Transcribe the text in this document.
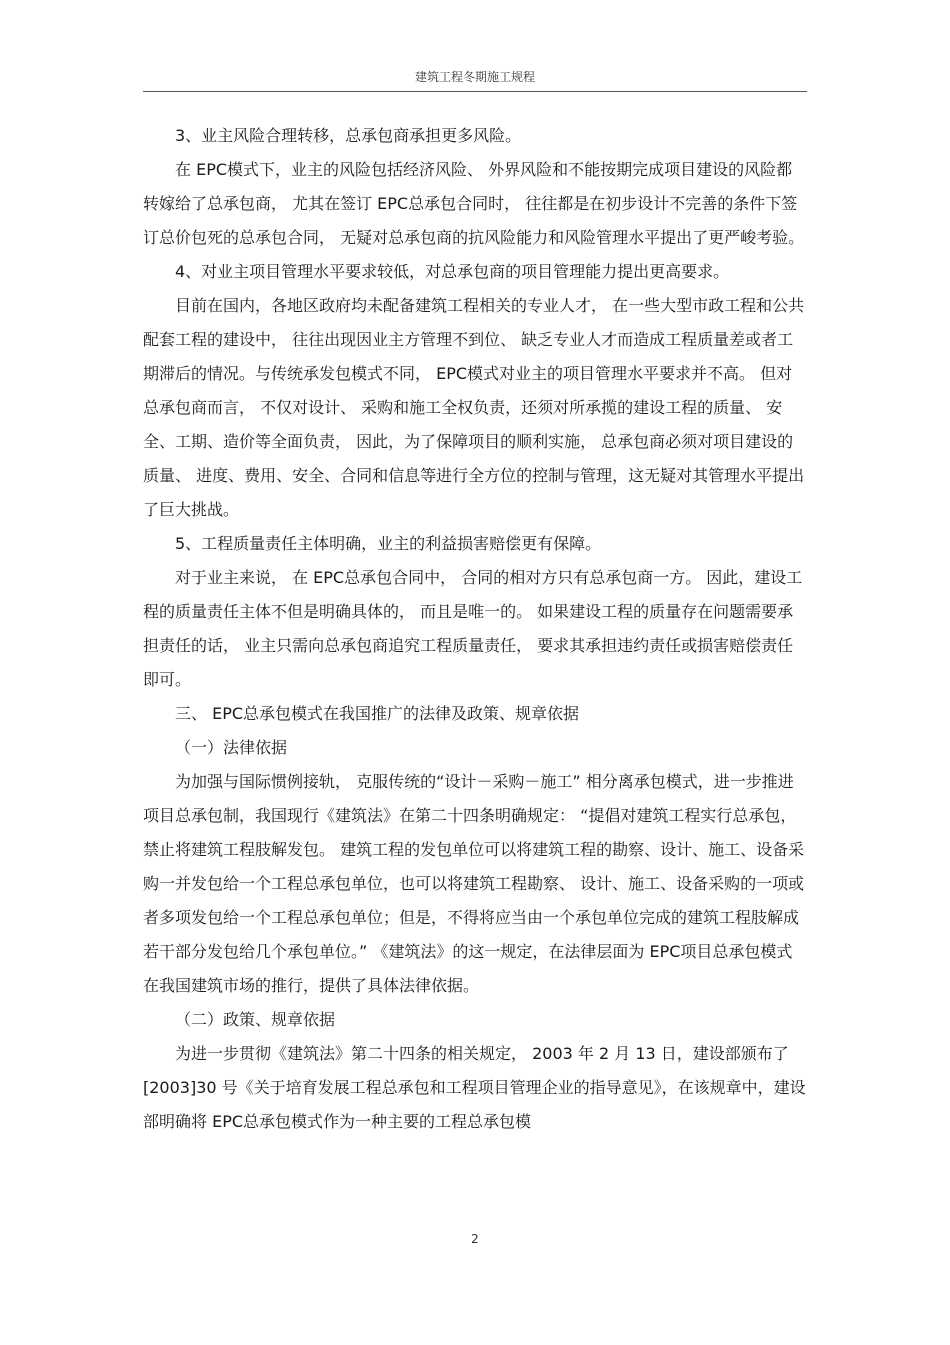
建筑工程冬期施工规程

3、业主风险合理转移，总承包商承担更多风险。

在 EPC模式下，业主的风险包括经济风险、 外界风险和不能按期完成项目建设的风险都转嫁给了总承包商， 尤其在签订 EPC总承包合同时， 往往都是在初步设计不完善的条件下签订总价包死的总承包合同， 无疑对总承包商的抗风险能力和风险管理水平提出了更严峻考验。

4、对业主项目管理水平要求较低，对总承包商的项目管理能力提出更高要求。

目前在国内，各地区政府均未配备建筑工程相关的专业人才， 在一些大型市政工程和公共配套工程的建设中， 往往出现因业主方管理不到位、 缺乏专业人才而造成工程质量差或者工期滞后的情况。与传统承发包模式不同， EPC模式对业主的项目管理水平要求并不高。 但对总承包商而言， 不仅对设计、 采购和施工全权负责，还须对所承揽的建设工程的质量、 安全、工期、造价等全面负责， 因此，为了保障项目的顺利实施， 总承包商必须对项目建设的质量、 进度、费用、安全、合同和信息等进行全方位的控制与管理，这无疑对其管理水平提出了巨大挑战。

5、工程质量责任主体明确，业主的利益损害赔偿更有保障。

对于业主来说， 在 EPC总承包合同中， 合同的相对方只有总承包商一方。 因此，建设工程的质量责任主体不但是明确具体的， 而且是唯一的。 如果建设工程的质量存在问题需要承担责任的话， 业主只需向总承包商追究工程质量责任， 要求其承担违约责任或损害赔偿责任即可。

三、 EPC总承包模式在我国推广的法律及政策、规章依据

（一）法律依据

为加强与国际惯例接轨， 克服传统的“设计－采购－施工” 相分离承包模式，进一步推进项目总承包制，我国现行《建筑法》在第二十四条明确规定： “提倡对建筑工程实行总承包， 禁止将建筑工程肢解发包。 建筑工程的发包单位可以将建筑工程的勘察、设计、施工、设备采购一并发包给一个工程总承包单位，也可以将建筑工程勘察、 设计、施工、设备采购的一项或者多项发包给一个工程总承包单位；但是，不得将应当由一个承包单位完成的建筑工程肢解成若干部分发包给几个承包单位。” 《建筑法》的这一规定，在法律层面为 EPC项目总承包模式在我国建筑市场的推行，提供了具体法律依据。

（二）政策、规章依据

为进一步贯彻《建筑法》第二十四条的相关规定， 2003 年 2 月 13 日，建设部颁布了 [2003]30 号《关于培育发展工程总承包和工程项目管理企业的指导意见》，在该规章中，建设部明确将 EPC总承包模式作为一种主要的工程总承包模

2
